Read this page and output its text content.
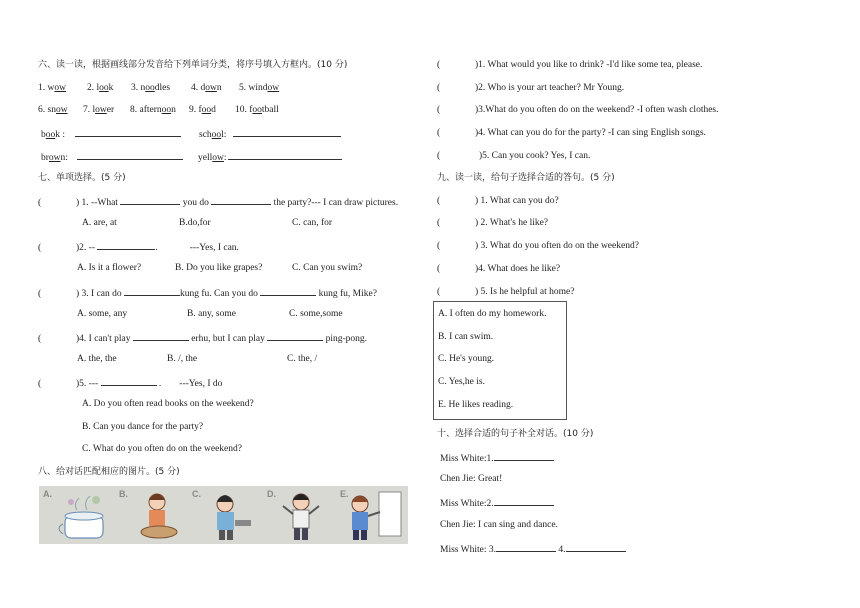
六、读一读，根据画线部分发音给下列单词分类，将序号填入方框内。(10 分)
1. wow 2. look 3. noodles 4. down 5. window
6. snow 7. lower 8. afternoon 9. food 10. football
book :	school:
brown:	yellow:
七、单项选择。(5 分)
(	) 1. --What	you do	the party?--- I can draw pictures.
A. are, at	B.do,for	C. can, for
(	)2. --	.	---Yes, I can.
A. Is it a flower?	B. Do you like grapes?	C. Can you swim?
(	) 3. I can do	kung fu. Can you do	kung fu, Mike?
A. some, any	B. any, some	C. some,some
(	)4. I can't play	erhu, but I can play	ping-pong.
A. the, the	B. /, the	C. the, /
(	)5. ---	. ---Yes, I do
A. Do you often read books on the weekend?
B. Can you dance for the party?
C. What do you often do on the weekend?
八、给对话匹配相应的图片。(5 分)
A.	B.	C.	D.	E.
(	)1. What would you like to drink? -I'd like some tea, please.
(	)2. Who is your art teacher? Mr Young.
(	)3.What do you often do on the weekend? -I often wash clothes.
(	)4. What can you do for the party? -I can sing English songs.
(	)5. Can you cook? Yes, I can.
九、读一读，给句子选择合适的答句。(5 分)
(	) 1. What can you do?
(	) 2. What's he like?
(	) 3. What do you often do on the weekend?
(	)4. What does he like?
(	) 5. Is he helpful at home?
A. I often do my homework.
B. I can swim.
C. He's young.
C. Yes,he is.
E. He likes reading.
十、选择合适的句子补全对话。(10 分)
Miss White:1.
Chen Jie: Great!
Miss White:2.
Chen Jie: I can sing and dance.
Miss White: 3.	4.
